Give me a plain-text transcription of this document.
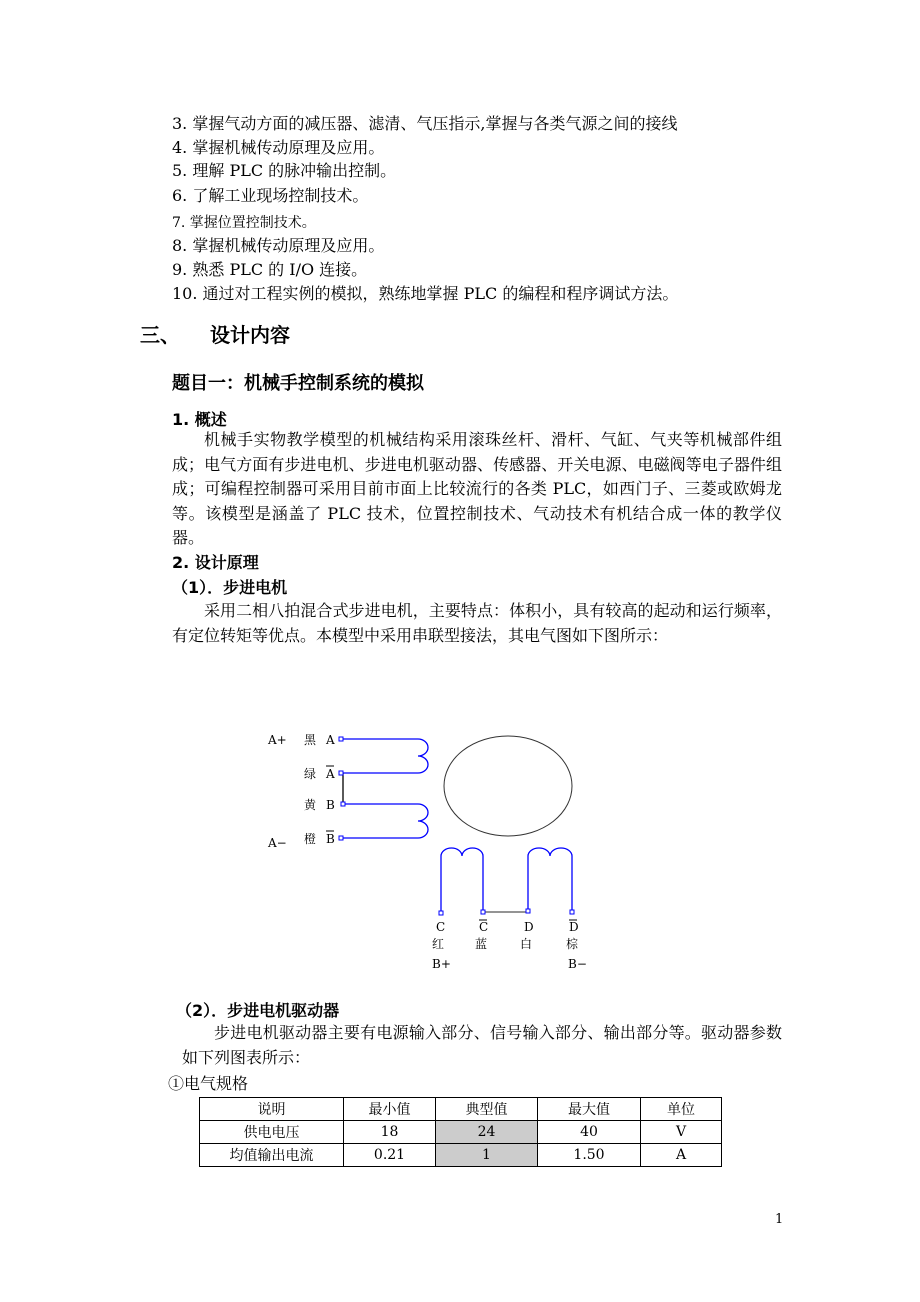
3. 掌握气动方面的减压器、滤清、气压指示,掌握与各类气源之间的接线
4. 掌握机械传动原理及应用。
5. 理解 PLC 的脉冲输出控制。
6. 了解工业现场控制技术。
7. 掌握位置控制技术。
8. 掌握机械传动原理及应用。
9. 熟悉 PLC 的 I/O 连接。
10. 通过对工程实例的模拟，熟练地掌握 PLC 的编程和程序调试方法。
三、 设计内容
题目一：机械手控制系统的模拟
1. 概述
机械手实物教学模型的机械结构采用滚珠丝杆、滑杆、气缸、气夹等机械部件组成；电气方面有步进电机、步进电机驱动器、传感器、开关电源、电磁阀等电子器件组成；可编程控制器可采用目前市面上比较流行的各类 PLC，如西门子、三菱或欧姆龙等。该模型是涵盖了 PLC 技术，位置控制技术、气动技术有机结合成一体的教学仪器。
2. 设计原理
（1）．步进电机
采用二相八拍混合式步进电机，主要特点：体积小，具有较高的起动和运行频率，有定位转矩等优点。本模型中采用串联型接法，其电气图如下图所示：
A+
A−
黑 A
绿 A
黄 B
橙 B
C
红
C
蓝
D
白
D
棕
B+	B−
（2）．步进电机驱动器
步进电机驱动器主要有电源输入部分、信号输入部分、输出部分等。驱动器参数如下列图表所示：
①电气规格
说明	最小值	典型值	最大值	单位
供电电压	18	24	40	V
均值输出电流	0.21	1	1.50	A
1
